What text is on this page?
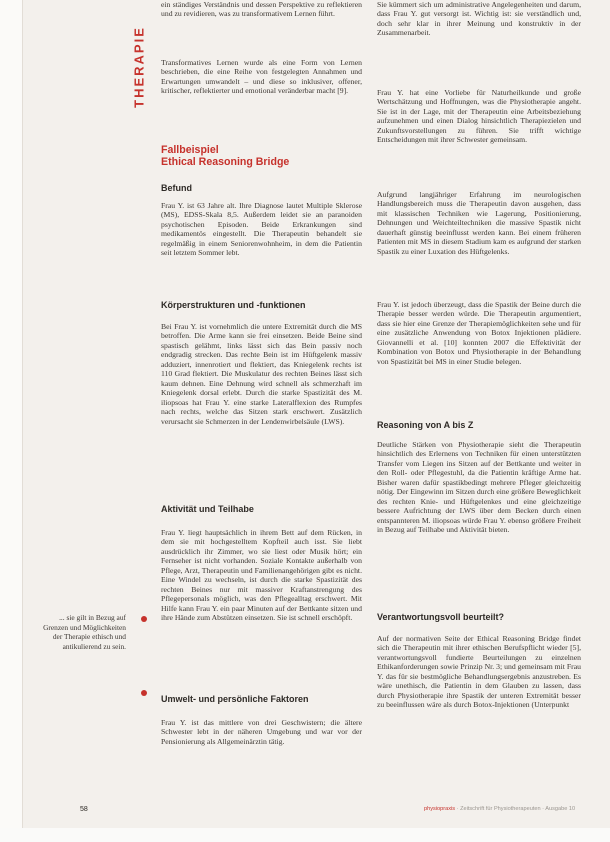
THERAPIE

ein ständiges Verständnis und dessen Perspektive zu reflektieren und zu revidieren, was zu transformativem Lernen führt.

Transformatives Lernen wurde als eine Form von Lernen beschrieben, die eine Reihe von festgelegten Annahmen und Erwartungen umwandelt – und diese so inklusiver, offener, kritischer, reflektierter und emotional veränderbar macht [9].

Fallbeispiel
Ethical Reasoning Bridge
Befund

Frau Y. ist 63 Jahre alt. Ihre Diagnose lautet Multiple Sklerose (MS), EDSS-Skala 8,5. Außerdem leidet sie an paranoiden psychotischen Episoden. Beide Erkrankungen sind medikamentös eingestellt. Die Therapeutin behandelt sie regelmäßig in einem Seniorenwohnheim, in dem die Patientin seit letztem Sommer lebt.

Körperstrukturen und -funktionen

Bei Frau Y. ist vornehmlich die untere Extremität durch die MS betroffen. Die Arme kann sie frei einsetzen. Beide Beine sind spastisch gelähmt, links lässt sich das Bein passiv noch endgradig strecken. Das rechte Bein ist im Hüftgelenk massiv adduziert, innenrotiert und flektiert, das Kniegelenk rechts ist 110 Grad flektiert. Die Muskulatur des rechten Beines lässt sich kaum dehnen. Eine Dehnung wird schnell als schmerzhaft im Kniegelenk dorsal erlebt. Durch die starke Spastizität des M. iliopsoas hat Frau Y. eine starke Lateralflexion des Rumpfes nach rechts, welche das Sitzen stark erschwert. Zusätzlich verursacht sie Schmerzen in der Lendenwirbelsäule (LWS).

Aktivität und Teilhabe

Frau Y. liegt hauptsächlich in ihrem Bett auf dem Rücken, in dem sie mit hochgestelltem Kopfteil auch isst. Sie liebt ausdrücklich ihr Zimmer, wo sie liest oder Musik hört; ein Fernseher ist nicht vorhanden. Soziale Kontakte außerhalb von Pflege, Arzt, Therapeutin und Familienangehörigen gibt es nicht. Eine Windel zu wechseln, ist durch die starke Spastizität des rechten Beines nur mit massiver Kraftanstrengung des Pflegepersonals möglich, was den Pflegealltag erschwert. Mit Hilfe kann Frau Y. ein paar Minuten auf der Bettkante sitzen und ihre Hände zum Abstützen einsetzen. Sie ist schnell erschöpft.

Umwelt- und persönliche Faktoren

Frau Y. ist das mittlere von drei Geschwistern; die ältere Schwester lebt in der näheren Umgebung und war vor der Pensionierung als Allgemeinärztin tätig.

Sie kümmert sich um administrative Angelegenheiten und darum, dass Frau Y. gut versorgt ist. Wichtig ist: sie verständlich und, doch sehr klar in ihrer Meinung und konstruktiv in der Zusammenarbeit.

Frau Y. hat eine Vorliebe für Naturheilkunde und große Wertschätzung und Hoffnungen, was die Physiotherapie angeht. Sie ist in der Lage, mit der Therapeutin eine Arbeitsbeziehung aufzunehmen und einen Dialog hinsichtlich Therapiezielen und Zukunftsvorstellungen zu führen. Sie trifft wichtige Entscheidungen mit ihrer Schwester gemeinsam.

Aufgrund langjähriger Erfahrung im neurologischen Handlungsbereich muss die Therapeutin davon ausgehen, dass mit klassischen Techniken wie Lagerung, Positionierung, Dehnungen und Weichteiltechniken die massive Spastik nicht dauerhaft günstig beeinflusst werden kann. Bei einem früheren Patienten mit MS in diesem Stadium kam es aufgrund der starken Spastik zu einer Luxation des Hüftgelenks.

Frau Y. ist jedoch überzeugt, dass die Spastik der Beine durch die Therapie besser werden würde. Die Therapeutin argumentiert, dass sie hier eine Grenze der Therapiemöglichkeiten sehe und für eine zusätzliche Anwendung von Botox Injektionen plädiere. Giovannelli et al. [10] konnten 2007 die Effektivität der Kombination von Botox und Physiotherapie in der Behandlung von Spastizität bei MS in einer Studie belegen.

Reasoning von A bis Z

Deutliche Stärken von Physiotherapie sieht die Therapeutin hinsichtlich des Erlernens von Techniken für einen unterstützten Transfer vom Liegen ins Sitzen auf der Bettkante und weiter in den Roll- oder Pflegestuhl, da die Patientin kräftige Arme hat. Bisher waren dafür spastikbedingt mehrere Pfleger gleichzeitig nötig. Der Eingewinn im Sitzen durch eine größere Beweglichkeit des rechten Knie- und Hüftgelenkes und eine gleichzeitige bessere Aufrichtung der LWS über dem Becken durch einen entspannteren M. iliopsoas würde Frau Y. ebenso größere Freiheit in Bezug auf Teilhabe und Aktivität bieten.

Verantwortungsvoll beurteilt?

Auf der normativen Seite der Ethical Reasoning Bridge findet sich die Therapeutin mit ihrer ethischen Berufspflicht wieder [5], verantwortungsvoll fundierte Beurteilungen zu einzelnen Ethikanforderungen sowie Prinzip Nr. 3; und gemeinsam mit Frau Y. das für sie bestmögliche Behandlungsergebnis anzustreben. Es wäre unethisch, die Patientin in dem Glauben zu lassen, dass durch Physiotherapie ihre Spastik der unteren Extremität besser zu beeinflussen wäre als durch Botox-Injektionen (Unterpunkt

... sie gilt in Bezug auf Grenzen und Möglichkeiten der Therapie ethisch und antikulierend zu sein.
58	physiopraxis · Zeitschrift für Physiotherapeuten · Ausgabe 10
